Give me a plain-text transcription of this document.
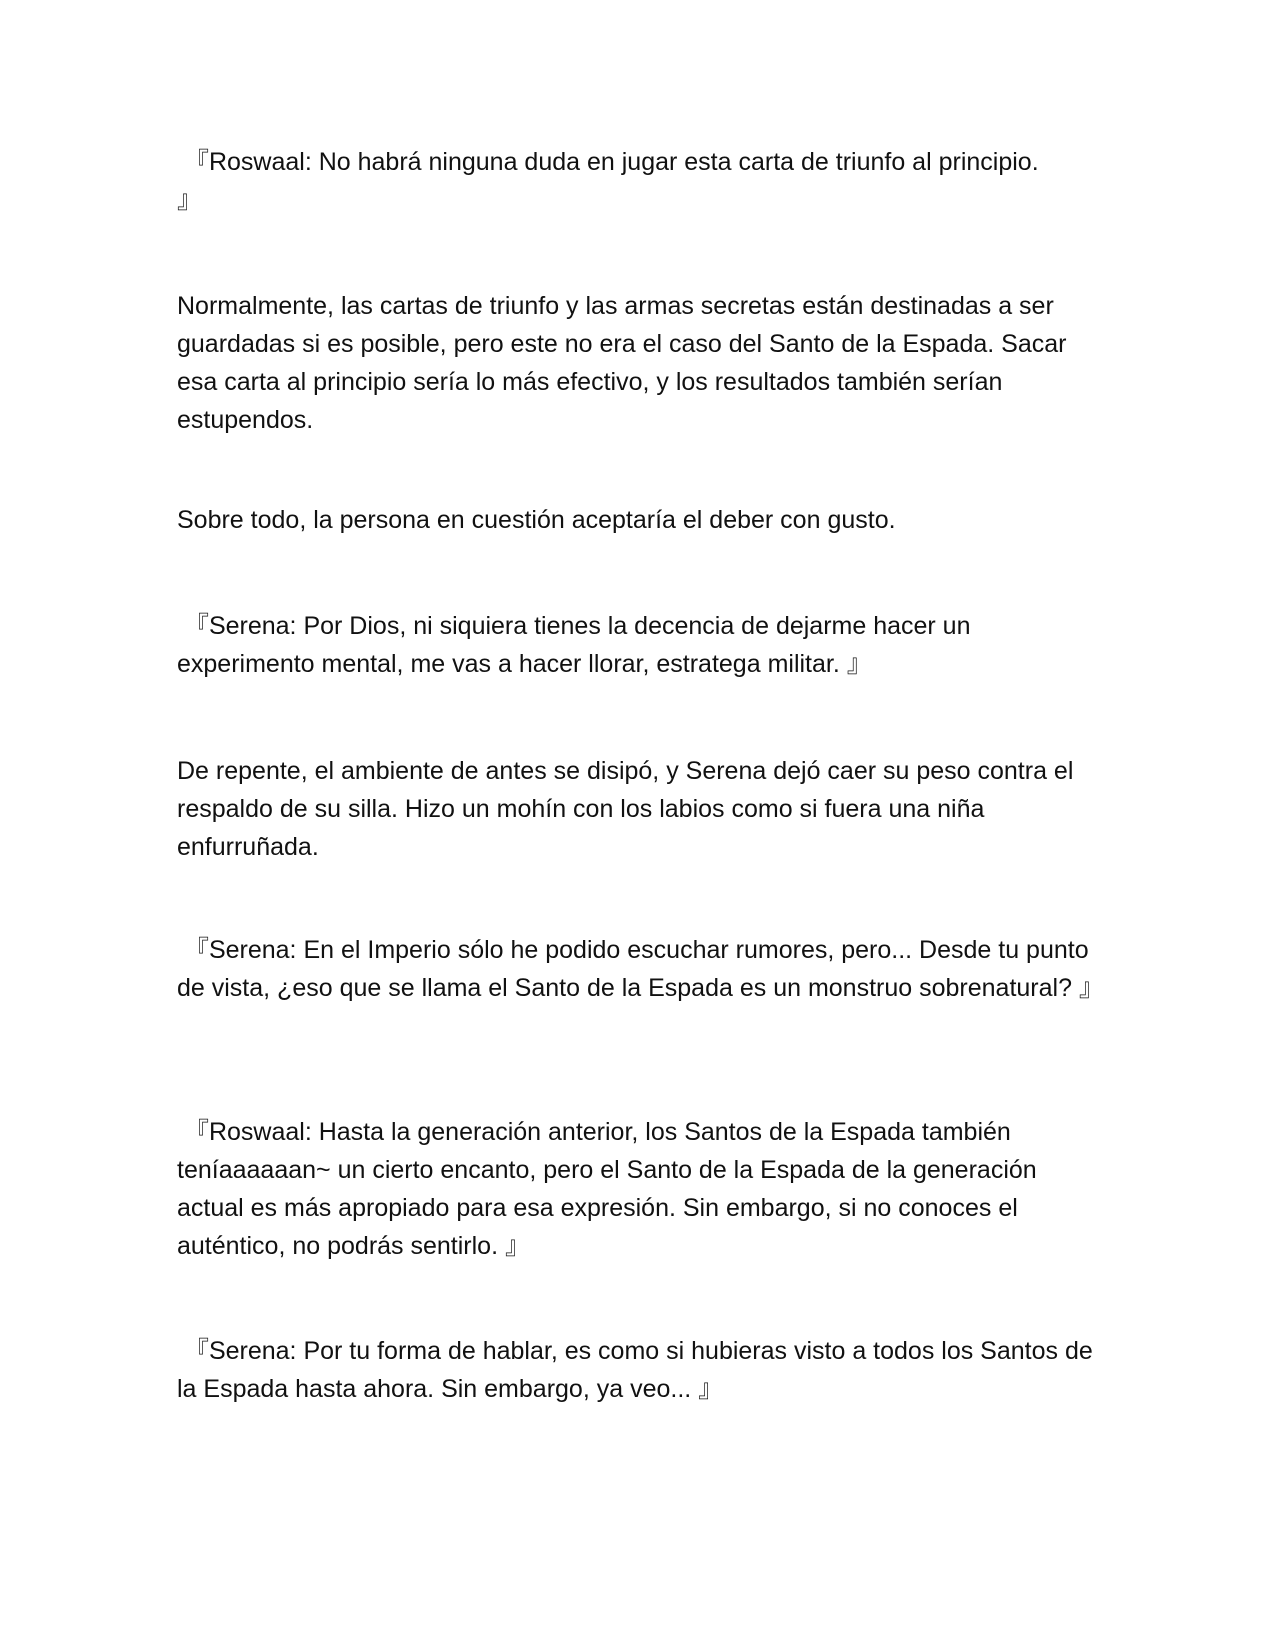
『Roswaal: No habrá ninguna duda en jugar esta carta de triunfo al principio.
』

Normalmente, las cartas de triunfo y las armas secretas están destinadas a ser guardadas si es posible, pero este no era el caso del Santo de la Espada. Sacar esa carta al principio sería lo más efectivo, y los resultados también serían estupendos.

Sobre todo, la persona en cuestión aceptaría el deber con gusto.

『Serena: Por Dios, ni siquiera tienes la decencia de dejarme hacer un experimento mental, me vas a hacer llorar, estratega militar. 』

De repente, el ambiente de antes se disipó, y Serena dejó caer su peso contra el respaldo de su silla. Hizo un mohín con los labios como si fuera una niña enfurruñada.

『Serena: En el Imperio sólo he podido escuchar rumores, pero... Desde tu punto de vista, ¿eso que se llama el Santo de la Espada es un monstruo sobrenatural? 』

『Roswaal: Hasta la generación anterior, los Santos de la Espada también teníaaaaaan~ un cierto encanto, pero el Santo de la Espada de la generación actual es más apropiado para esa expresión. Sin embargo, si no conoces el auténtico, no podrás sentirlo. 』

『Serena: Por tu forma de hablar, es como si hubieras visto a todos los Santos de la Espada hasta ahora. Sin embargo, ya veo... 』
